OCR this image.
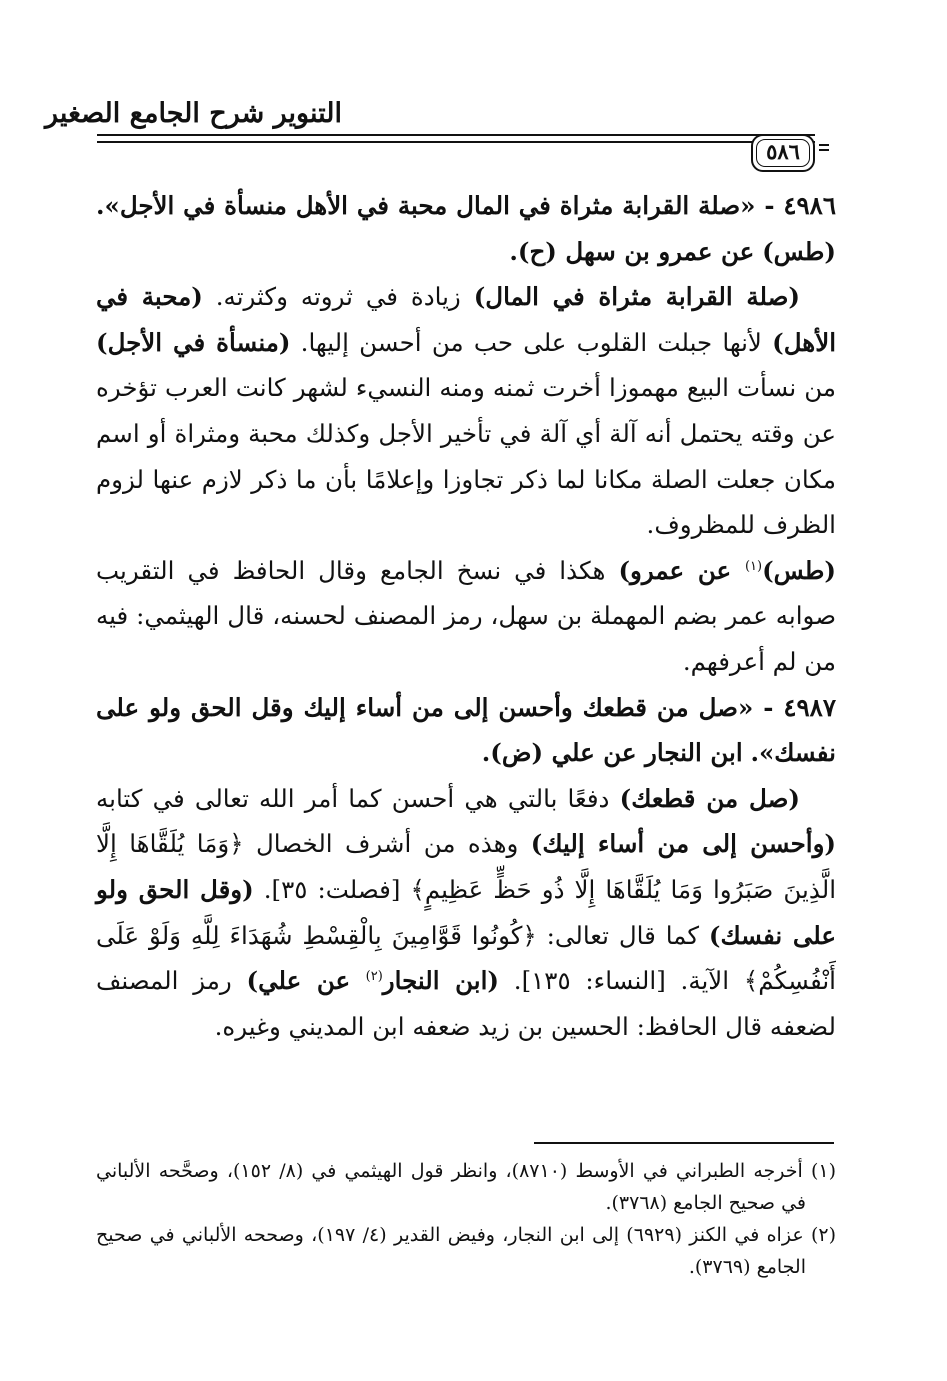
التنوير شرح الجامع الصغير
٥٨٦

٤٩٨٦ - «صلة القرابة مثراة في المال محبة في الأهل منسأة في الأجل». (طس) عن عمرو بن سهل (ح).

(صلة القرابة مثراة في المال) زيادة في ثروته وكثرته. (محبة في الأهل) لأنها جبلت القلوب على حب من أحسن إليها. (منسأة في الأجل) من نسأت البيع مهموزا أخرت ثمنه ومنه النسيء لشهر كانت العرب تؤخره عن وقته يحتمل أنه آلة أي آلة في تأخير الأجل وكذلك محبة ومثراة أو اسم مكان جعلت الصلة مكانا لما ذكر تجاوزا وإعلامًا بأن ما ذكر لازم عنها لزوم الظرف للمظروف.

(طس)$^{(١)}$ عن عمرو) هكذا في نسخ الجامع وقال الحافظ في التقريب صوابه عمر بضم المهملة بن سهل، رمز المصنف لحسنه، قال الهيثمي: فيه من لم أعرفهم.

٤٩٨٧ - «صل من قطعك وأحسن إلى من أساء إليك وقل الحق ولو على نفسك». ابن النجار عن علي (ض).

(صل من قطعك) دفعًا بالتي هي أحسن كما أمر الله تعالى في كتابه (وأحسن إلى من أساء إليك) وهذه من أشرف الخصال ﴿وَمَا يُلَقَّاهَا إِلَّا الَّذِينَ صَبَرُوا وَمَا يُلَقَّاهَا إِلَّا ذُو حَظٍّ عَظِيمٍ﴾ [فصلت: ٣٥]. (وقل الحق ولو على نفسك) كما قال تعالى: ﴿كُونُوا قَوَّامِينَ بِالْقِسْطِ شُهَدَاءَ لِلَّهِ وَلَوْ عَلَى أَنْفُسِكُمْ﴾ الآية. [النساء: ١٣٥]. (ابن النجار$^{(٢)}$ عن علي) رمز المصنف لضعفه قال الحافظ: الحسين بن زيد ضعفه ابن المديني وغيره.

(١) أخرجه الطبراني في الأوسط (٨٧١٠)، وانظر قول الهيثمي في (٨/ ١٥٢)، وصحَّحه الألباني في صحيح الجامع (٣٧٦٨).

(٢) عزاه في الكنز (٦٩٢٩) إلى ابن النجار، وفيض القدير (٤/ ١٩٧)، وصححه الألباني في صحيح الجامع (٣٧٦٩).
